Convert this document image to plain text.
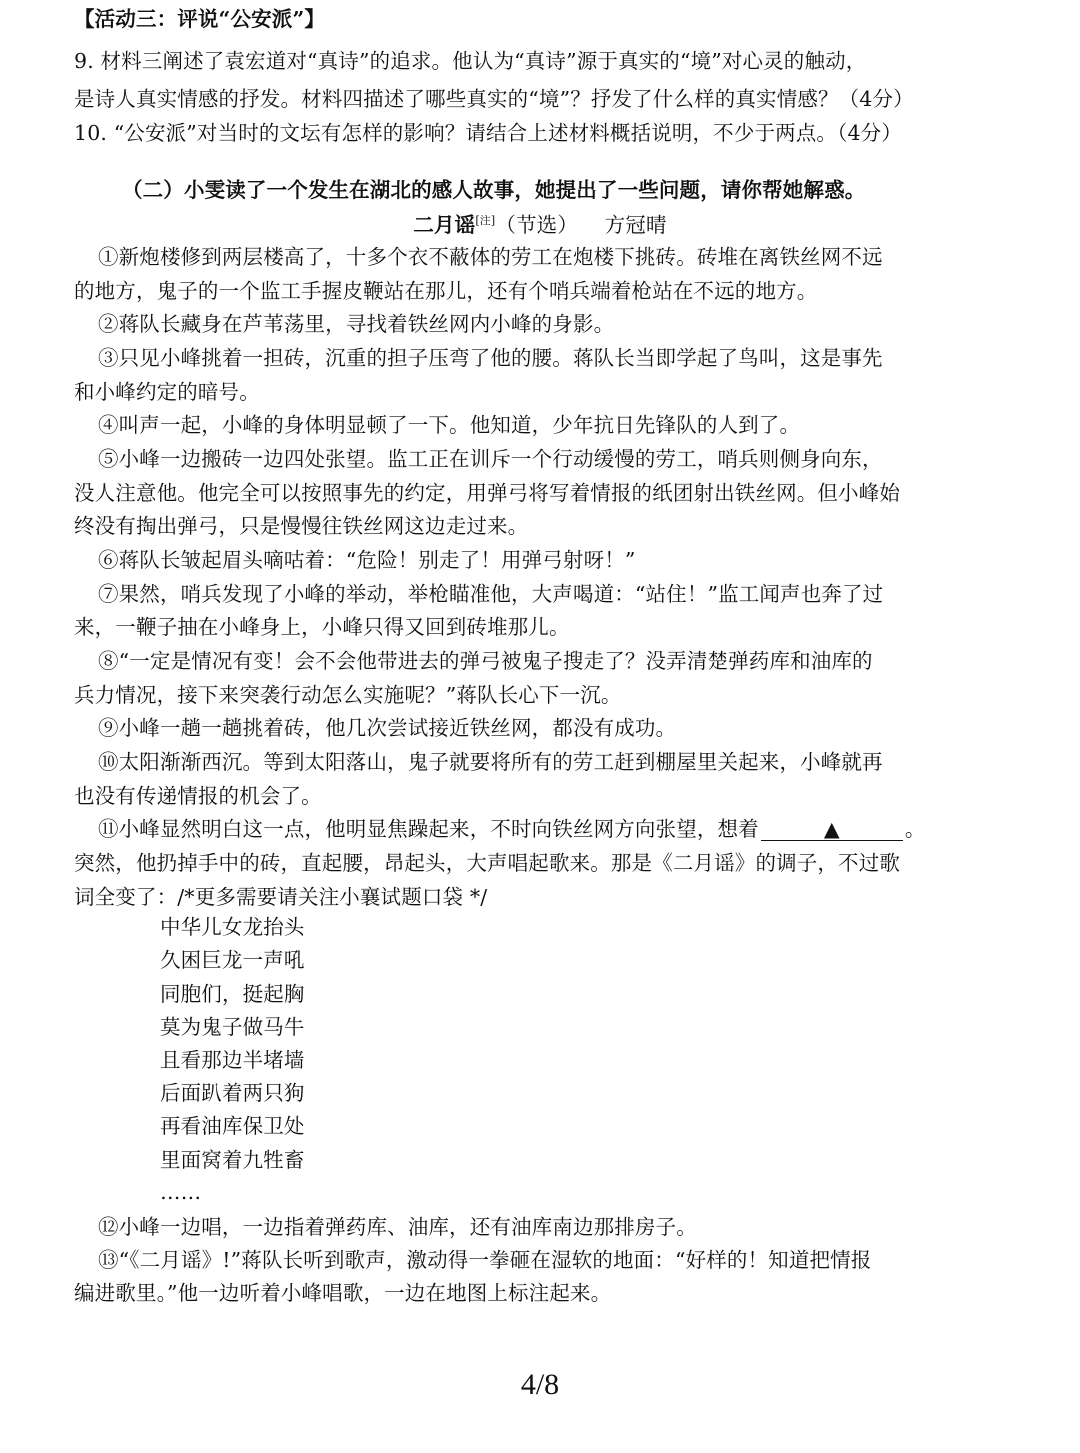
【活动三：评说“公安派”】
9. 材料三阐述了袁宏道对“真诗”的追求。他认为“真诗”源于真实的“境”对心灵的触动，
是诗人真实情感的抒发。材料四描述了哪些真实的“境”？抒发了什么样的真实情感？（4分）
10. “公安派”对当时的文坛有怎样的影响？请结合上述材料概括说明，不少于两点。（4分）
（二）小雯读了一个发生在湖北的感人故事，她提出了一些问题，请你帮她解惑。
二月谣[注]（节选） 方冠晴
①新炮楼修到两层楼高了，十多个衣不蔽体的劳工在炮楼下挑砖。砖堆在离铁丝网不远
的地方，鬼子的一个监工手握皮鞭站在那儿，还有个哨兵端着枪站在不远的地方。
②蒋队长藏身在芦苇荡里，寻找着铁丝网内小峰的身影。
③只见小峰挑着一担砖，沉重的担子压弯了他的腰。蒋队长当即学起了鸟叫，这是事先
和小峰约定的暗号。
④叫声一起，小峰的身体明显顿了一下。他知道，少年抗日先锋队的人到了。
⑤小峰一边搬砖一边四处张望。监工正在训斥一个行动缓慢的劳工，哨兵则侧身向东，
没人注意他。他完全可以按照事先的约定，用弹弓将写着情报的纸团射出铁丝网。但小峰始
终没有掏出弹弓，只是慢慢往铁丝网这边走过来。
⑥蒋队长皱起眉头嘀咕着：“危险！别走了！用弹弓射呀！”
⑦果然，哨兵发现了小峰的举动，举枪瞄准他，大声喝道：“站住！”监工闻声也奔了过
来，一鞭子抽在小峰身上，小峰只得又回到砖堆那儿。
⑧“一定是情况有变！会不会他带进去的弹弓被鬼子搜走了？没弄清楚弹药库和油库的
兵力情况，接下来突袭行动怎么实施呢？”蒋队长心下一沉。
⑨小峰一趟一趟挑着砖，他几次尝试接近铁丝网，都没有成功。
⑩太阳渐渐西沉。等到太阳落山，鬼子就要将所有的劳工赶到棚屋里关起来，小峰就再
也没有传递情报的机会了。
⑪小峰显然明白这一点，他明显焦躁起来，不时向铁丝网方向张望，想着	▲	。
突然，他扔掉手中的砖，直起腰，昂起头，大声唱起歌来。那是《二月谣》的调子，不过歌
词全变了：/*更多需要请关注小襄试题口袋 */
中华儿女龙抬头
久困巨龙一声吼
同胞们，挺起胸
莫为鬼子做马牛
且看那边半堵墙
后面趴着两只狗
再看油库保卫处
里面窝着九牲畜
……
⑫小峰一边唱，一边指着弹药库、油库，还有油库南边那排房子。
⑬“《二月谣》!”蒋队长听到歌声，激动得一拳砸在湿软的地面：“好样的！知道把情报
编进歌里。”他一边听着小峰唱歌，一边在地图上标注起来。
4/8
